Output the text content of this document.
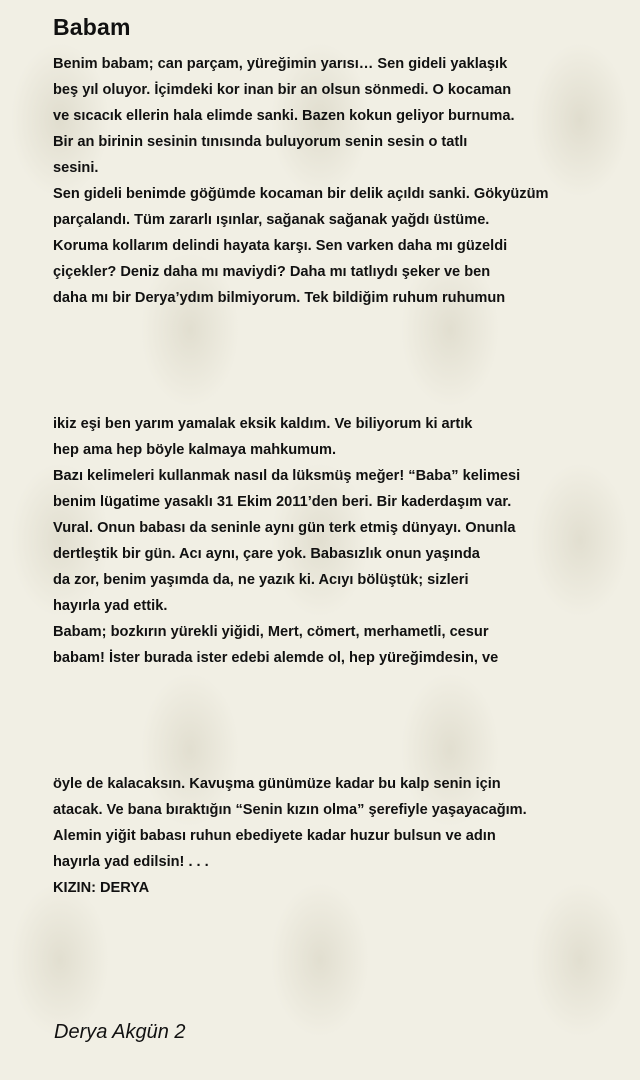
Babam
Benim babam; can parçam, yüreğimin yarısı… Sen gideli yaklaşık
beş yıl oluyor. İçimdeki kor inan bir an olsun sönmedi. O kocaman
ve sıcacık ellerin hala elimde sanki. Bazen kokun geliyor burnuma.
Bir an birinin sesinin tınısında buluyorum senin sesin o tatlı
sesini.
Sen gideli benimde göğümde kocaman bir delik açıldı sanki. Gökyüzüm
parçalandı. Tüm zararlı ışınlar, sağanak sağanak yağdı üstüme.
Koruma kollarım delindi hayata karşı. Sen varken daha mı güzeldi
çiçekler? Deniz daha mı maviydi? Daha mı tatlıydı şeker ve ben
daha mı bir Derya’ydım bilmiyorum. Tek bildiğim ruhum ruhumun
ikiz eşi ben yarım yamalak eksik kaldım. Ve biliyorum ki artık
hep ama hep böyle kalmaya mahkumum.
Bazı kelimeleri kullanmak nasıl da lüksmüş meğer! “Baba” kelimesi
benim lügatime yasaklı 31 Ekim 2011’den beri. Bir kaderdaşım var.
Vural. Onun babası da seninle aynı gün terk etmiş dünyayı. Onunla
dertleştik bir gün. Acı aynı, çare yok. Babasızlık onun yaşında
da zor, benim yaşımda da, ne yazık ki. Acıyı bölüştük; sizleri
hayırla yad ettik.
Babam; bozkırın yürekli yiğidi, Mert, cömert, merhametli, cesur
babam! İster burada ister edebi alemde ol, hep yüreğimdesin, ve
öyle de kalacaksın. Kavuşma günümüze kadar bu kalp senin için
atacak. Ve bana bıraktığın “Senin kızın olma” şerefiyle yaşayacağım.
Alemin yiğit babası ruhun ebediyete kadar huzur bulsun ve adın
hayırla yad edilsin! . . .
KIZIN: DERYA

Derya Akgün 2
